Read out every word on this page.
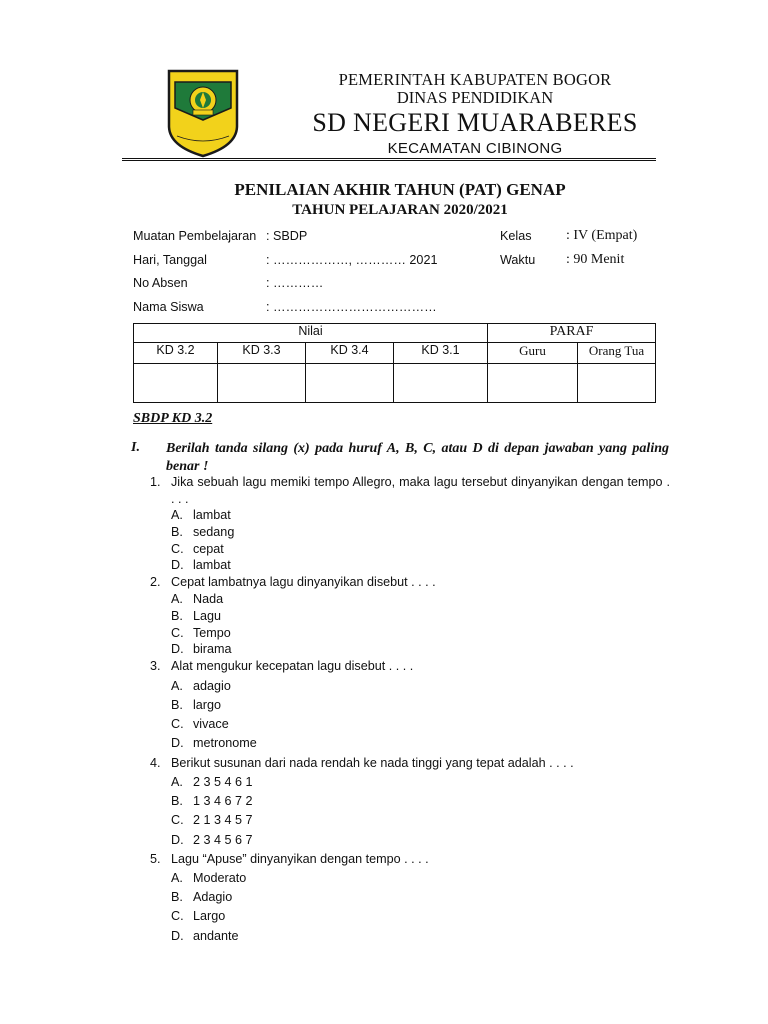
PEMERINTAH KABUPATEN BOGOR
DINAS PENDIDIKAN
SD NEGERI MUARABERES
KECAMATAN CIBINONG
PENILAIAN AKHIR TAHUN (PAT) GENAP
TAHUN PELAJARAN 2020/2021
Muatan Pembelajaran : SBDP	Kelas : IV (Empat)
Hari, Tanggal	: ………………, ………… 2021	Waktu : 90 Menit
No Absen	: …………
Nama Siswa	: …………………………………
Nilai				PARAF	
KD 3.2	KD 3.3	KD 3.4	KD 3.1	Guru	Orang Tua

SBDP KD 3.2
I. Berilah tanda silang (x) pada huruf A, B, C, atau D di depan jawaban yang paling benar !
1. Jika sebuah lagu memiki tempo Allegro, maka lagu tersebut dinyanyikan dengan tempo . . . .
A. lambat
B. sedang
C. cepat
D. lambat
2. Cepat lambatnya lagu dinyanyikan disebut . . . .
A. Nada
B. Lagu
C. Tempo
D. birama
3. Alat mengukur kecepatan lagu disebut . . . .
A. adagio
B. largo
C. vivace
D. metronome
4. Berikut susunan dari nada rendah ke nada tinggi yang tepat adalah . . . .
A. 2 3 5 4 6 1
B. 1 3 4 6 7 2
C. 2 1 3 4 5 7
D. 2 3 4 5 6 7
5. Lagu “Apuse” dinyanyikan dengan tempo . . . .
A. Moderato
B. Adagio
C. Largo
D. andante
